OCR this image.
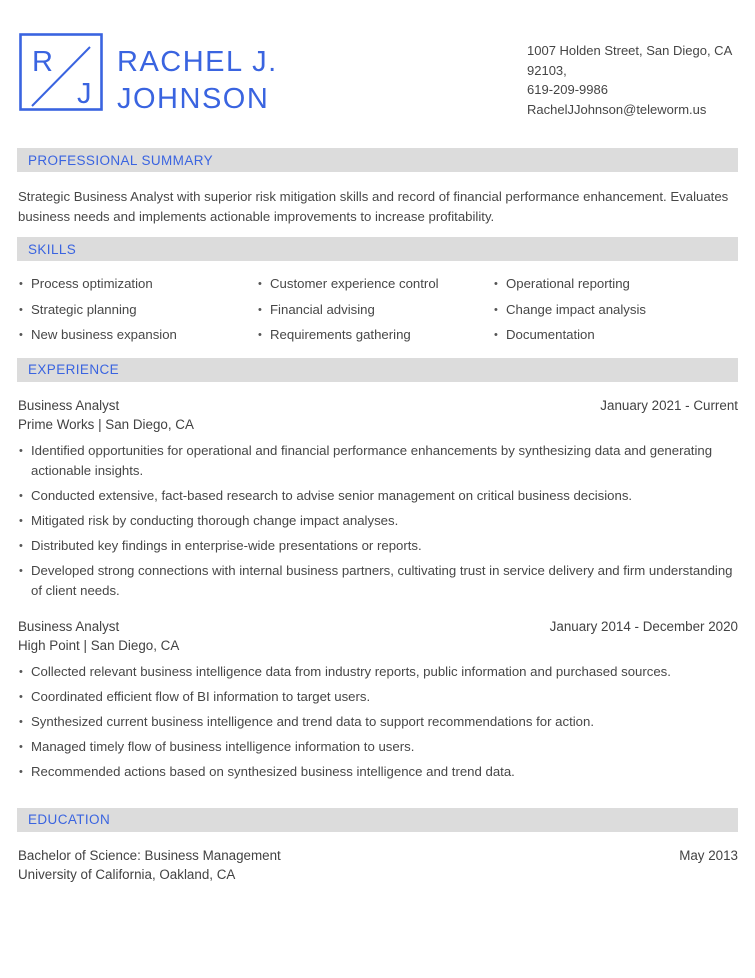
R
J
RACHEL J.
JOHNSON
1007 Holden Street, San Diego, CA
92103,
619-209-9986
RachelJJohnson@teleworm.us
PROFESSIONAL SUMMARY
Strategic Business Analyst with superior risk mitigation skills and record of financial performance enhancement. Evaluates business needs and implements actionable improvements to increase profitability.
SKILLS
• Process optimization
• Strategic planning
• New business expansion
• Customer experience control
• Financial advising
• Requirements gathering
• Operational reporting
• Change impact analysis
• Documentation
EXPERIENCE
Business Analyst	January 2021 - Current
Prime Works | San Diego, CA
• Identified opportunities for operational and financial performance enhancements by synthesizing data and generating actionable insights.
• Conducted extensive, fact-based research to advise senior management on critical business decisions.
• Mitigated risk by conducting thorough change impact analyses.
• Distributed key findings in enterprise-wide presentations or reports.
• Developed strong connections with internal business partners, cultivating trust in service delivery and firm understanding of client needs.
Business Analyst	January 2014 - December 2020
High Point | San Diego, CA
• Collected relevant business intelligence data from industry reports, public information and purchased sources.
• Coordinated efficient flow of BI information to target users.
• Synthesized current business intelligence and trend data to support recommendations for action.
• Managed timely flow of business intelligence information to users.
• Recommended actions based on synthesized business intelligence and trend data.
EDUCATION
Bachelor of Science: Business Management	May 2013
University of California, Oakland, CA
